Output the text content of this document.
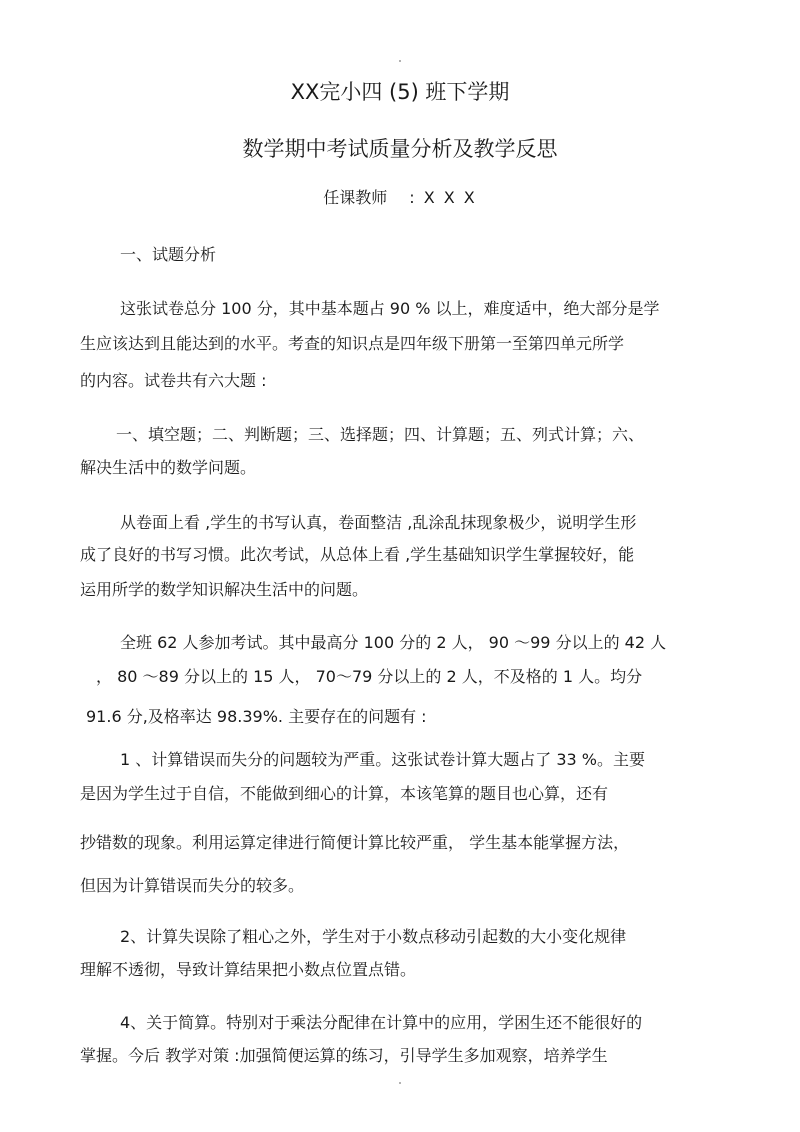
XX完小四 (5) 班下学期
数学期中考试质量分析及教学反思
任课教师 : X X X
一、试题分析
这张试卷总分 100 分，其中基本题占 90 % 以上，难度适中，绝大部分是学
生应该达到且能达到的水平。考查的知识点是四年级下册第一至第四单元所学
的内容。试卷共有六大题 :
一、填空题；二、判断题；三、选择题；四、计算题；五、列式计算；六、
解决生活中的数学问题。
从卷面上看 ,学生的书写认真，卷面整洁 ,乱涂乱抹现象极少，说明学生形
成了良好的书写习惯。此次考试，从总体上看 ,学生基础知识学生掌握较好，能
运用所学的数学知识解决生活中的问题。
全班 62 人参加考试。其中最高分 100 分的 2 人， 90 ～99 分以上的 42 人
， 80 ～89 分以上的 15 人， 70～79 分以上的 2 人，不及格的 1 人。均分
91.6 分,及格率达 98.39%. 主要存在的问题有 :
1 、计算错误而失分的问题较为严重。这张试卷计算大题占了 33 %。主要
是因为学生过于自信，不能做到细心的计算，本该笔算的题目也心算，还有
抄错数的现象。利用运算定律进行简便计算比较严重， 学生基本能掌握方法，
但因为计算错误而失分的较多。
2、计算失误除了粗心之外，学生对于小数点移动引起数的大小变化规律
理解不透彻，导致计算结果把小数点位置点错。
4、关于简算。特别对于乘法分配律在计算中的应用，学困生还不能很好的
掌握。今后 教学对策 :加强简便运算的练习，引导学生多加观察，培养学生
